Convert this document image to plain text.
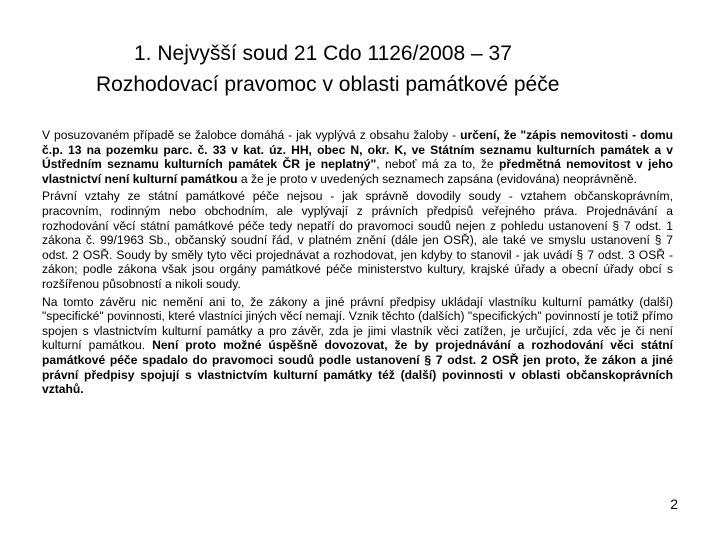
1. Nejvyšší soud 21 Cdo 1126/2008 – 37
Rozhodovací pravomoc v oblasti památkové péče

V posuzovaném případě se žalobce domáhá - jak vyplývá z obsahu žaloby - určení, že "zápis nemovitosti - domu č.p. 13 na pozemku parc. č. 33 v kat. úz. HH, obec N, okr. K, ve Státním seznamu kulturních památek a v Ústředním seznamu kulturních památek ČR je neplatný", neboť má za to, že předmětná nemovitost v jeho vlastnictví není kulturní památkou a že je proto v uvedených seznamech zapsána (evidována) neoprávněně.

Právní vztahy ze státní památkové péče nejsou - jak správně dovodily soudy - vztahem občanskoprávním, pracovním, rodinným nebo obchodním, ale vyplývají z právních předpisů veřejného práva. Projednávání a rozhodování věcí státní památkové péče tedy nepatří do pravomoci soudů nejen z pohledu ustanovení § 7 odst. 1 zákona č. 99/1963 Sb., občanský soudní řád, v platném znění (dále jen OSŘ), ale také ve smyslu ustanovení § 7 odst. 2 OSŘ. Soudy by směly tyto věci projednávat a rozhodovat, jen kdyby to stanovil - jak uvádí § 7 odst. 3 OSŘ - zákon; podle zákona však jsou orgány památkové péče ministerstvo kultury, krajské úřady a obecní úřady obcí s rozšířenou působností a nikoli soudy.

Na tomto závěru nic nemění ani to, že zákony a jiné právní předpisy ukládají vlastníku kulturní památky (další) "specifické" povinnosti, které vlastníci jiných věcí nemají. Vznik těchto (dalších) "specifických" povinností je totiž přímo spojen s vlastnictvím kulturní památky a pro závěr, zda je jimi vlastník věci zatížen, je určující, zda věc je či není kulturní památkou. Není proto možné úspěšně dovozovat, že by projednávání a rozhodování věci státní památkové péče spadalo do pravomoci soudů podle ustanovení § 7 odst. 2 OSŘ jen proto, že zákon a jiné právní předpisy spojují s vlastnictvím kulturní památky též (další) povinnosti v oblasti občanskoprávních vztahů.

2
